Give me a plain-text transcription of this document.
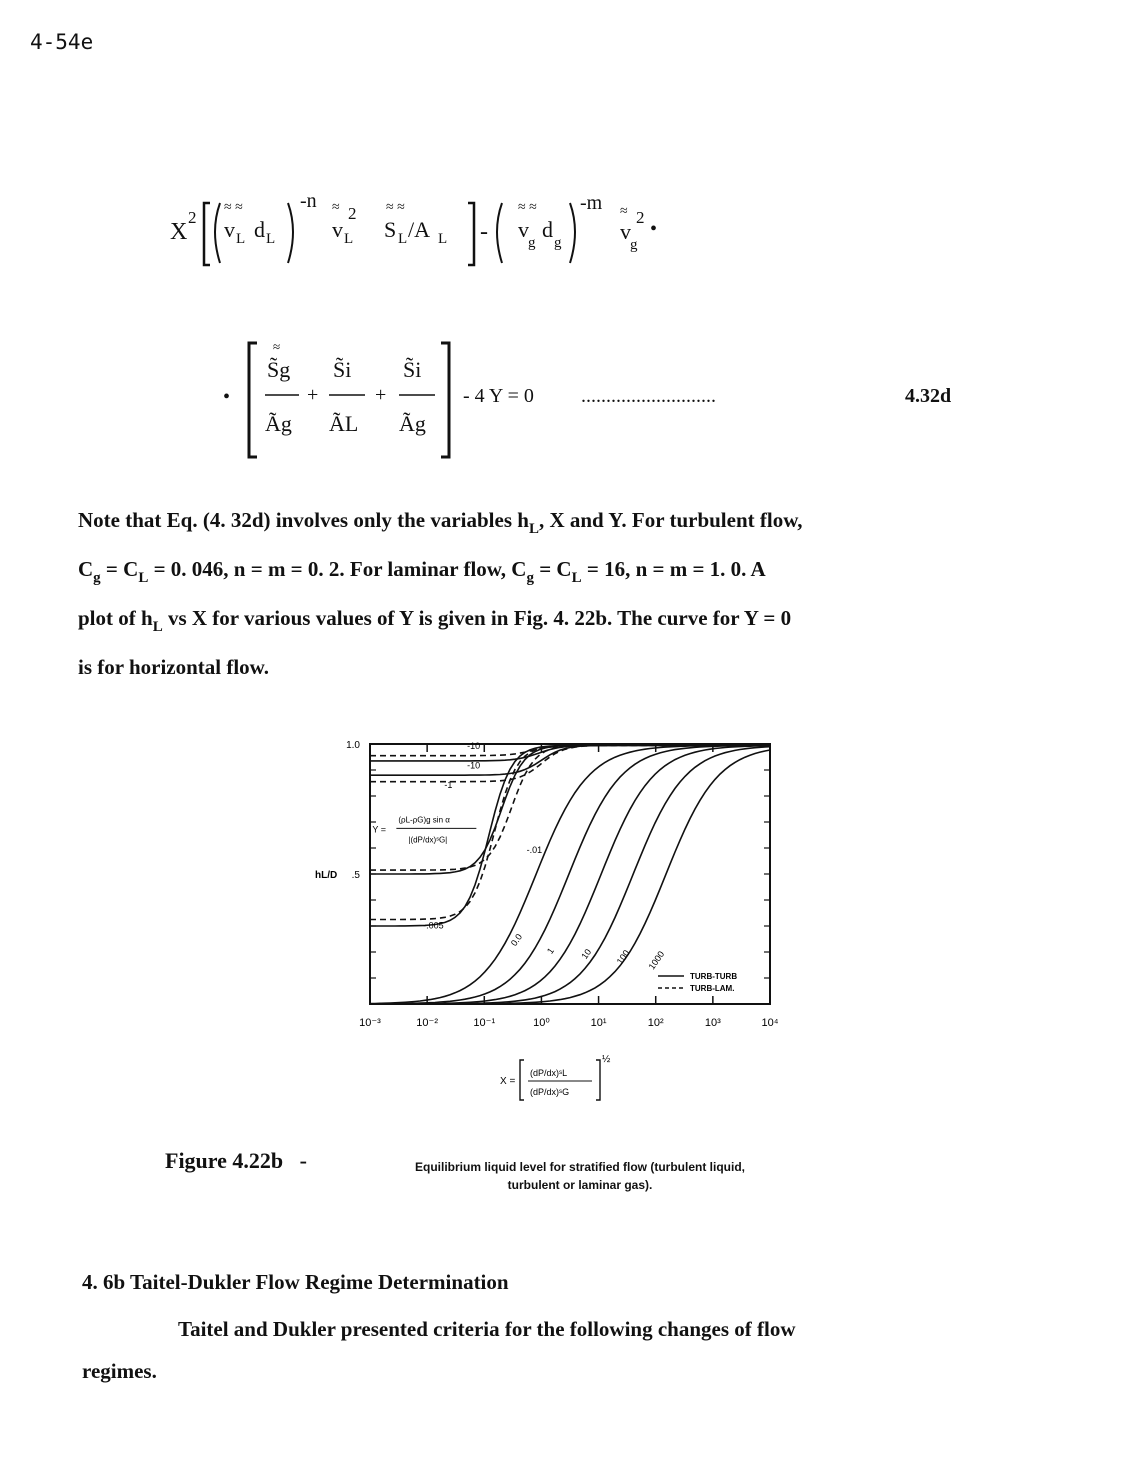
4-54e
X
2
≈ ≈
v L d L
-n ≈ 2
v L
≈ ≈
S L /A L -
≈ ≈
v
g
d
g
-m ≈ 2
v
g
•
•
≈
S̃g
Ãg
+
S̃i
ÃL
+
S̃i
Ãg
- 4 Y = 0 ...........................	4.32d
Note that Eq. (4. 32d) involves only the variables $h_L$, X and Y. For turbulent flow,
$C_g = C_L = 0$. 046, n = m = 0. 2. For laminar flow, $C_g = C_L = 16$, n = m = 1. 0. A
plot of $h_L$ vs X for various values of Y is given in Fig. 4. 22b. The curve for Y = 0
is for horizontal flow.
10⁻³	10⁻²	10⁻¹	10⁰	10¹	10²	10³	10⁴
1.0
.5
hL/D
-10
-10
-1
-.01
-.005
0.0
1	10 100 1000
Y =
(ρL-ρG)g sin α
|(dP/dx)ˢG|
TURB-TURB
TURB-LAM.
X =
(dP/dx)ˢL
(dP/dx)ˢG
½
Figure 4.22b -	Equilibrium liquid level for stratified flow (turbulent liquid,
turbulent or laminar gas).
4. 6b Taitel-Dukler Flow Regime Determination
Taitel and Dukler presented criteria for the following changes of flow
regimes.
